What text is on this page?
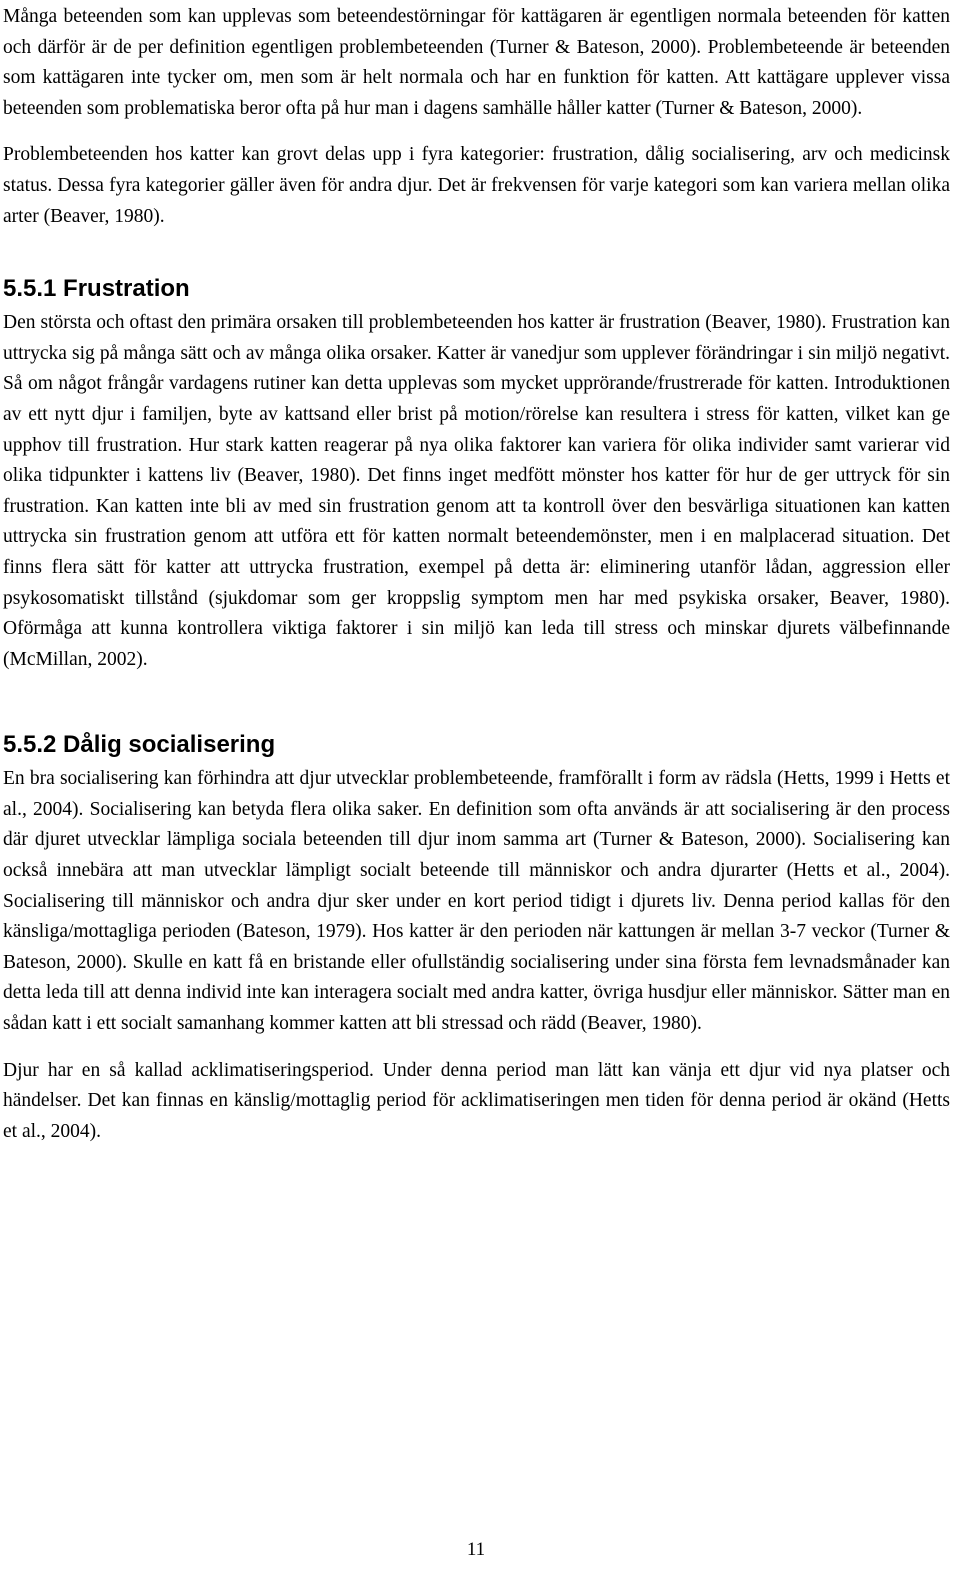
Många beteenden som kan upplevas som beteendestörningar för kattägaren är egentligen normala beteenden för katten och därför är de per definition egentligen problembeteenden (Turner & Bateson, 2000). Problembeteende är beteenden som kattägaren inte tycker om, men som är helt normala och har en funktion för katten. Att kattägare upplever vissa beteenden som problematiska beror ofta på hur man i dagens samhälle håller katter (Turner & Bateson, 2000).

Problembeteenden hos katter kan grovt delas upp i fyra kategorier: frustration, dålig socialisering, arv och medicinsk status. Dessa fyra kategorier gäller även för andra djur. Det är frekvensen för varje kategori som kan variera mellan olika arter (Beaver, 1980).

5.5.1 Frustration

Den största och oftast den primära orsaken till problembeteenden hos katter är frustration (Beaver, 1980). Frustration kan uttrycka sig på många sätt och av många olika orsaker. Katter är vanedjur som upplever förändringar i sin miljö negativt. Så om något frångår vardagens rutiner kan detta upplevas som mycket upprörande/frustrerade för katten. Introduktionen av ett nytt djur i familjen, byte av kattsand eller brist på motion/rörelse kan resultera i stress för katten, vilket kan ge upphov till frustration. Hur stark katten reagerar på nya olika faktorer kan variera för olika individer samt varierar vid olika tidpunkter i kattens liv (Beaver, 1980). Det finns inget medfött mönster hos katter för hur de ger uttryck för sin frustration. Kan katten inte bli av med sin frustration genom att ta kontroll över den besvärliga situationen kan katten uttrycka sin frustration genom att utföra ett för katten normalt beteendemönster, men i en malplacerad situation. Det finns flera sätt för katter att uttrycka frustration, exempel på detta är: eliminering utanför lådan, aggression eller psykosomatiskt tillstånd (sjukdomar som ger kroppslig symptom men har med psykiska orsaker, Beaver, 1980). Oförmåga att kunna kontrollera viktiga faktorer i sin miljö kan leda till stress och minskar djurets välbefinnande (McMillan, 2002).

5.5.2 Dålig socialisering

En bra socialisering kan förhindra att djur utvecklar problembeteende, framförallt i form av rädsla (Hetts, 1999 i Hetts et al., 2004). Socialisering kan betyda flera olika saker. En definition som ofta används är att socialisering är den process där djuret utvecklar lämpliga sociala beteenden till djur inom samma art (Turner & Bateson, 2000). Socialisering kan också innebära att man utvecklar lämpligt socialt beteende till människor och andra djurarter (Hetts et al., 2004). Socialisering till människor och andra djur sker under en kort period tidigt i djurets liv. Denna period kallas för den känsliga/mottagliga perioden (Bateson, 1979). Hos katter är den perioden när kattungen är mellan 3-7 veckor (Turner & Bateson, 2000). Skulle en katt få en bristande eller ofullständig socialisering under sina första fem levnadsmånader kan detta leda till att denna individ inte kan interagera socialt med andra katter, övriga husdjur eller människor. Sätter man en sådan katt i ett socialt samanhang kommer katten att bli stressad och rädd (Beaver, 1980).

Djur har en så kallad acklimatiseringsperiod. Under denna period man lätt kan vänja ett djur vid nya platser och händelser. Det kan finnas en känslig/mottaglig period för acklimatiseringen men tiden för denna period är okänd (Hetts et al., 2004).

11
